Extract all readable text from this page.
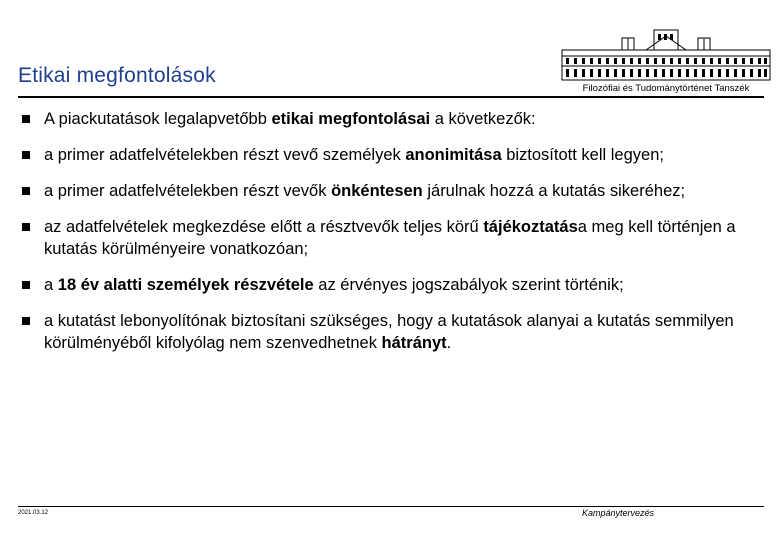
Etikai megfontolások
Filozófiai és Tudománytörténet Tanszék
A piackutatások legalapvetőbb etikai megfontolásai a következők:
a primer adatfelvételekben részt vevő személyek anonimitása biztosított kell legyen;
a primer adatfelvételekben részt vevők önkéntesen járulnak hozzá a kutatás sikeréhez;
az adatfelvételek megkezdése előtt a résztvevők teljes körű tájékoztatása meg kell történjen a kutatás körülményeire vonatkozóan;
a 18 év alatti személyek részvétele az érvényes jogszabályok szerint történik;
a kutatást lebonyolítónak biztosítani szükséges, hogy a kutatások alanyai a kutatás semmilyen körülményéből kifolyólag nem szenvedhetnek hátrányt.
2021.03.12	Kampánytervezés
